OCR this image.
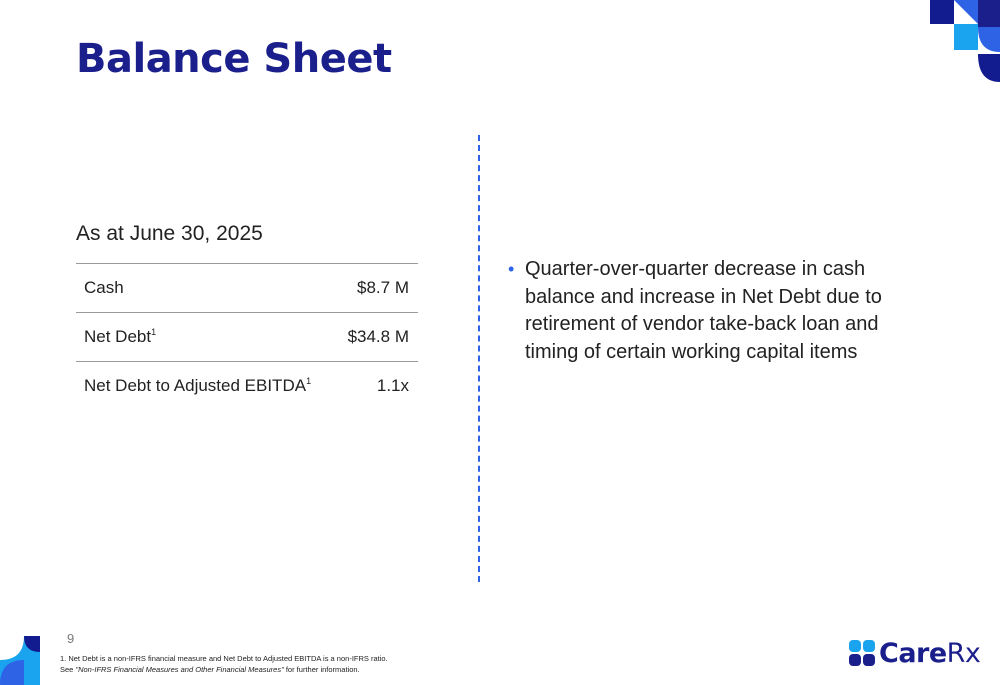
Balance Sheet
As at June 30, 2025
Cash	$8.7 M
Net Debt$^1$	$34.8 M
Net Debt to Adjusted EBITDA$^1$	1.1x
• Quarter-over-quarter decrease in cash balance and increase in Net Debt due to retirement of vendor take-back loan and timing of certain working capital items
9
1. Net Debt is a non-IFRS financial measure and Net Debt to Adjusted EBITDA is a non-IFRS ratio.
See "Non-IFRS Financial Measures and Other Financial Measures" for further information.
CareRx
